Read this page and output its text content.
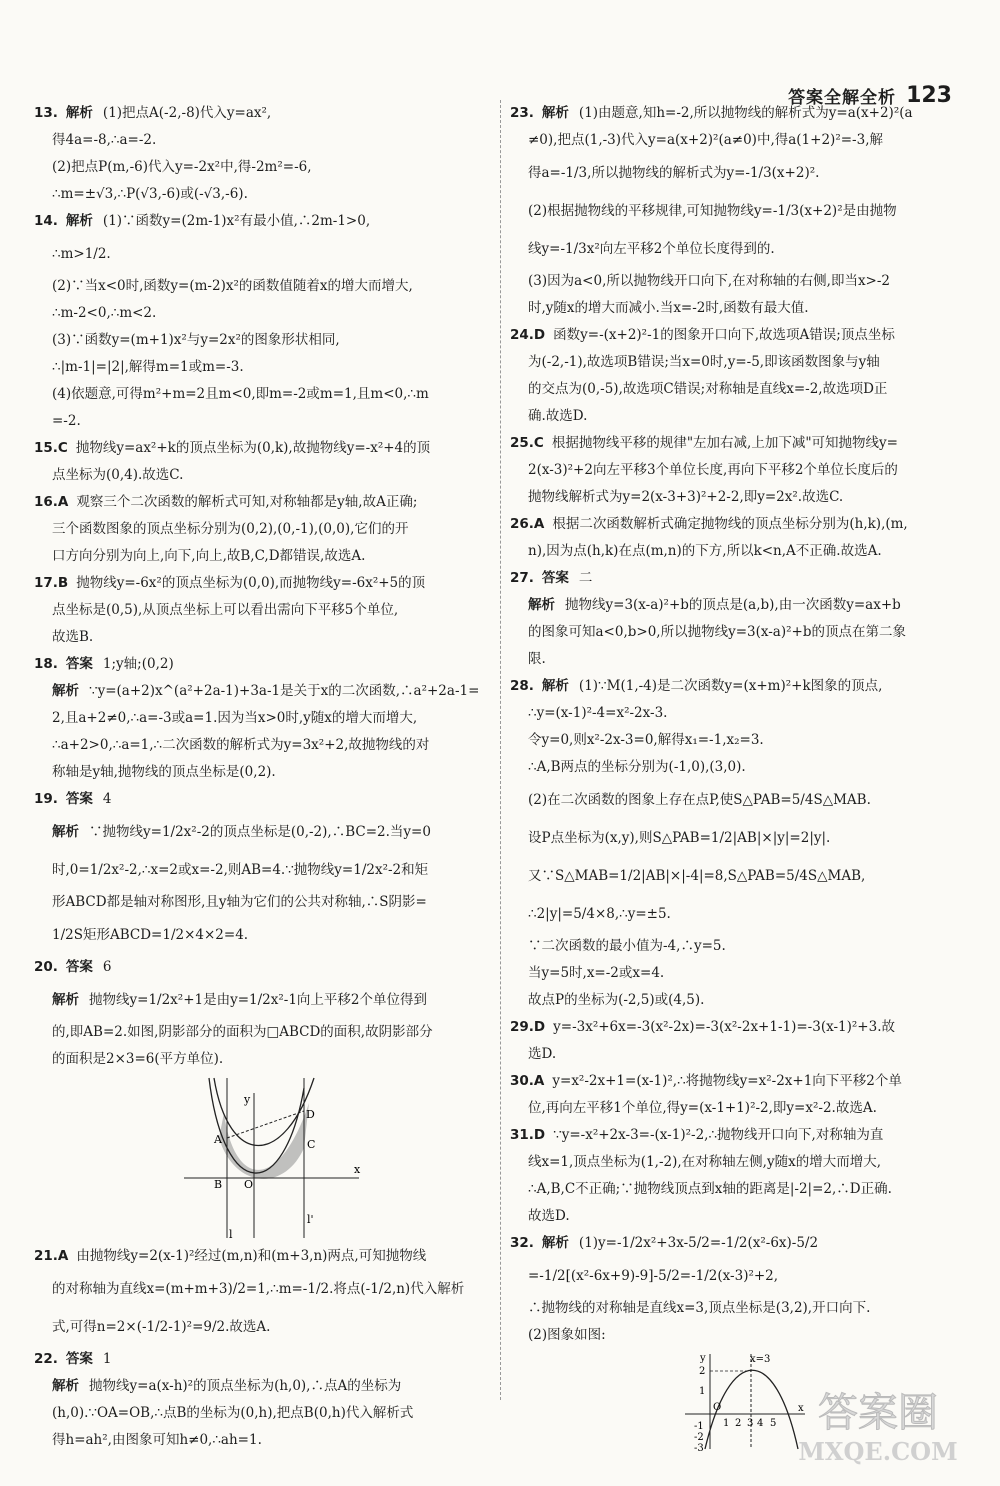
答案全解全析 123
13. 解析 (1)把点A(-2,-8)代入y=ax²,
得4a=-8,∴a=-2.
(2)把点P(m,-6)代入y=-2x²中,得-2m²=-6,
∴m=±√3,∴P(√3,-6)或(-√3,-6).
14. 解析 (1)∵函数y=(2m-1)x²有最小值,∴2m-1>0,
∴m>1/2.
(2)∵当x<0时,函数y=(m-2)x²的函数值随着x的增大而增大,
∴m-2<0,∴m<2.
(3)∵函数y=(m+1)x²与y=2x²的图象形状相同,
∴|m-1|=|2|,解得m=1或m=-3.
(4)依题意,可得m²+m=2且m<0,即m=-2或m=1,且m<0,∴m
=-2.
15.C 抛物线y=ax²+k的顶点坐标为(0,k),故抛物线y=-x²+4的顶
点坐标为(0,4).故选C.
16.A 观察三个二次函数的解析式可知,对称轴都是y轴,故A正确;
三个函数图象的顶点坐标分别为(0,2),(0,-1),(0,0),它们的开
口方向分别为向上,向下,向上,故B,C,D都错误,故选A.
17.B 抛物线y=-6x²的顶点坐标为(0,0),而抛物线y=-6x²+5的顶
点坐标是(0,5),从顶点坐标上可以看出需向下平移5个单位,
故选B.
18. 答案 1;y轴;(0,2)
解析 ∵y=(a+2)x^(a²+2a-1)+3a-1是关于x的二次函数,∴a²+2a-1=
2,且a+2≠0,∴a=-3或a=1.因为当x>0时,y随x的增大而增大,
∴a+2>0,∴a=1,∴二次函数的解析式为y=3x²+2,故抛物线的对
称轴是y轴,抛物线的顶点坐标是(0,2).
19. 答案 4
解析 ∵抛物线y=1/2x²-2的顶点坐标是(0,-2),∴BC=2.当y=0
时,0=1/2x²-2,∴x=2或x=-2,则AB=4.∵抛物线y=1/2x²-2和矩
形ABCD都是轴对称图形,且y轴为它们的公共对称轴,∴S阴影=
1/2S矩形ABCD=1/2×4×2=4.
20. 答案 6
解析 抛物线y=1/2x²+1是由y=1/2x²-1向上平移2个单位得到
的,即AB=2.如图,阴影部分的面积为□ABCD的面积,故阴影部分
的面积是2×3=6(平方单位).
y
D
A	C
B O
x
l
l'
21.A 由抛物线y=2(x-1)²经过(m,n)和(m+3,n)两点,可知抛物线
的对称轴为直线x=(m+m+3)/2=1,∴m=-1/2.将点(-1/2,n)代入解析
式,可得n=2×(-1/2-1)²=9/2.故选A.
22. 答案 1
解析 抛物线y=a(x-h)²的顶点坐标为(h,0),∴点A的坐标为
(h,0).∵OA=OB,∴点B的坐标为(0,h),把点B(0,h)代入解析式
得h=ah²,由图象可知h≠0,∴ah=1.
23. 解析 (1)由题意,知h=-2,所以抛物线的解析式为y=a(x+2)²(a
≠0),把点(1,-3)代入y=a(x+2)²(a≠0)中,得a(1+2)²=-3,解
得a=-1/3,所以抛物线的解析式为y=-1/3(x+2)².
(2)根据抛物线的平移规律,可知抛物线y=-1/3(x+2)²是由抛物
线y=-1/3x²向左平移2个单位长度得到的.
(3)因为a<0,所以抛物线开口向下,在对称轴的右侧,即当x>-2
时,y随x的增大而减小.当x=-2时,函数有最大值.
24.D 函数y=-(x+2)²-1的图象开口向下,故选项A错误;顶点坐标
为(-2,-1),故选项B错误;当x=0时,y=-5,即该函数图象与y轴
的交点为(0,-5),故选项C错误;对称轴是直线x=-2,故选项D正
确.故选D.
25.C 根据抛物线平移的规律"左加右减,上加下减"可知抛物线y=
2(x-3)²+2向左平移3个单位长度,再向下平移2个单位长度后的
抛物线解析式为y=2(x-3+3)²+2-2,即y=2x².故选C.
26.A 根据二次函数解析式确定抛物线的顶点坐标分别为(h,k),(m,
n),因为点(h,k)在点(m,n)的下方,所以k<n,A不正确.故选A.
27. 答案 二
解析 抛物线y=3(x-a)²+b的顶点是(a,b),由一次函数y=ax+b
的图象可知a<0,b>0,所以抛物线y=3(x-a)²+b的顶点在第二象
限.
28. 解析 (1)∵M(1,-4)是二次函数y=(x+m)²+k图象的顶点,
∴y=(x-1)²-4=x²-2x-3.
令y=0,则x²-2x-3=0,解得x₁=-1,x₂=3.
∴A,B两点的坐标分别为(-1,0),(3,0).
(2)在二次函数的图象上存在点P,使S△PAB=5/4S△MAB.
设P点坐标为(x,y),则S△PAB=1/2|AB|×|y|=2|y|.
又∵S△MAB=1/2|AB|×|-4|=8,S△PAB=5/4S△MAB,
∴2|y|=5/4×8,∴y=±5.
∵二次函数的最小值为-4,∴y=5.
当y=5时,x=-2或x=4.
故点P的坐标为(-2,5)或(4,5).
29.D y=-3x²+6x=-3(x²-2x)=-3(x²-2x+1-1)=-3(x-1)²+3.故
选D.
30.A y=x²-2x+1=(x-1)²,∴将抛物线y=x²-2x+1向下平移2个单
位,再向左平移1个单位,得y=(x-1+1)²-2,即y=x²-2.故选A.
31.D ∵y=-x²+2x-3=-(x-1)²-2,∴抛物线开口向下,对称轴为直
线x=1,顶点坐标为(1,-2),在对称轴左侧,y随x的增大而增大,
∴A,B,C不正确;∵抛物线顶点到x轴的距离是|-2|=2,∴D正确.
故选D.
32. 解析 (1)y=-1/2x²+3x-5/2=-1/2(x²-6x)-5/2
=-1/2[(x²-6x+9)-9]-5/2=-1/2(x-3)²+2,
∴抛物线的对称轴是直线x=3,顶点坐标是(3,2),开口向下.
(2)图象如图:
y	x=3
2
1
O
1 2 3 4 5
x
-1
-2
-3
答案圈
MXQE.COM
